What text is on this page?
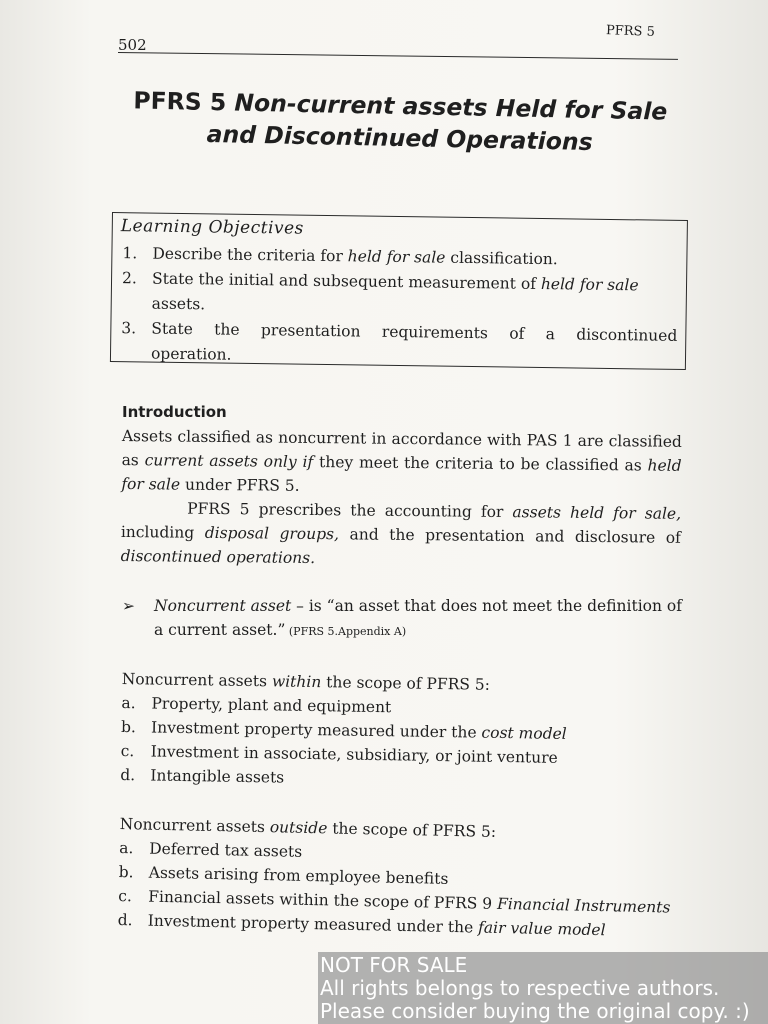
502
PFRS 5
PFRS 5 Non-current assets Held for Sale
and Discontinued Operations
Learning Objectives
1. Describe the criteria for held for sale classification.
2. State the initial and subsequent measurement of held for sale
assets.
3. State the presentation requirements of a discontinued
operation.
Introduction
Assets classified as noncurrent in accordance with PAS 1 are classified as current assets only if they meet the criteria to be classified as held for sale under PFRS 5.
PFRS 5 prescribes the accounting for assets held for sale, including disposal groups, and the presentation and disclosure of discontinued operations.
➢	Noncurrent asset – is “an asset that does not meet the definition of a current asset.” (PFRS 5.Appendix A)
Noncurrent assets within the scope of PFRS 5:
a.	Property, plant and equipment
b. Investment property measured under the cost model
c.	Investment in associate, subsidiary, or joint venture
d. Intangible assets
Noncurrent assets outside the scope of PFRS 5:
a. Deferred tax assets
b. Assets arising from employee benefits
c.	Financial assets within the scope of PFRS 9 Financial Instruments
d. Investment property measured under the fair value model
NOT FOR SALE
All rights belongs to respective authors.
Please consider buying the original copy. :)
